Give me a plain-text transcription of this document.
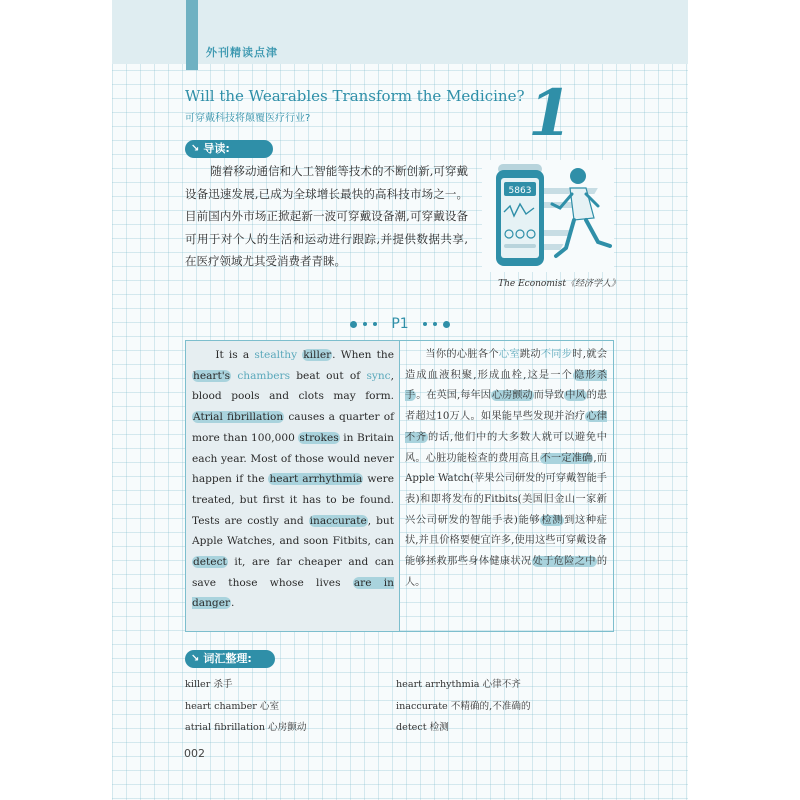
外刊精读点津
Will the Wearables Transform the Medicine?
可穿戴科技将颠覆医疗行业?	1
↘ 导读:

随着移动通信和人工智能等技术的不断创新,可穿戴设备迅速发展,已成为全球增长最快的高科技市场之一。目前国内外市场正掀起新一波可穿戴设备潮,可穿戴设备可用于对个人的生活和运动进行跟踪,并提供数据共享,在医疗领域尤其受消费者青睐。

5863
The Economist《经济学人》
P1

It is a stealthy killer. When the heart's chambers beat out of sync, blood pools and clots may form. Atrial fibrillation causes a quarter of more than 100,000 strokes in Britain each year. Most of those would never happen if the heart arrhythmia were treated, but first it has to be found. Tests are costly and inaccurate, but Apple Watches, and soon Fitbits, can detect it, are far cheaper and can save those whose lives are in danger.

当你的心脏各个心室跳动不同步时,就会造成血液积聚,形成血栓,这是一个隐形杀手。在英国,每年因心房颤动而导致中风的患者超过10万人。如果能早些发现并治疗心律不齐的话,他们中的大多数人就可以避免中风。心脏功能检查的费用高且不一定准确,而Apple Watch(苹果公司研发的可穿戴智能手表)和即将发布的Fitbits(美国旧金山一家新兴公司研发的智能手表)能够检测到这种症状,并且价格要便宜许多,使用这些可穿戴设备能够拯救那些身体健康状况处于危险之中的人。

↘ 词汇整理:
killer 杀手
heart chamber 心室
atrial fibrillation 心房颤动
heart arrhythmia 心律不齐
inaccurate 不精确的,不准确的
detect 检测
002
